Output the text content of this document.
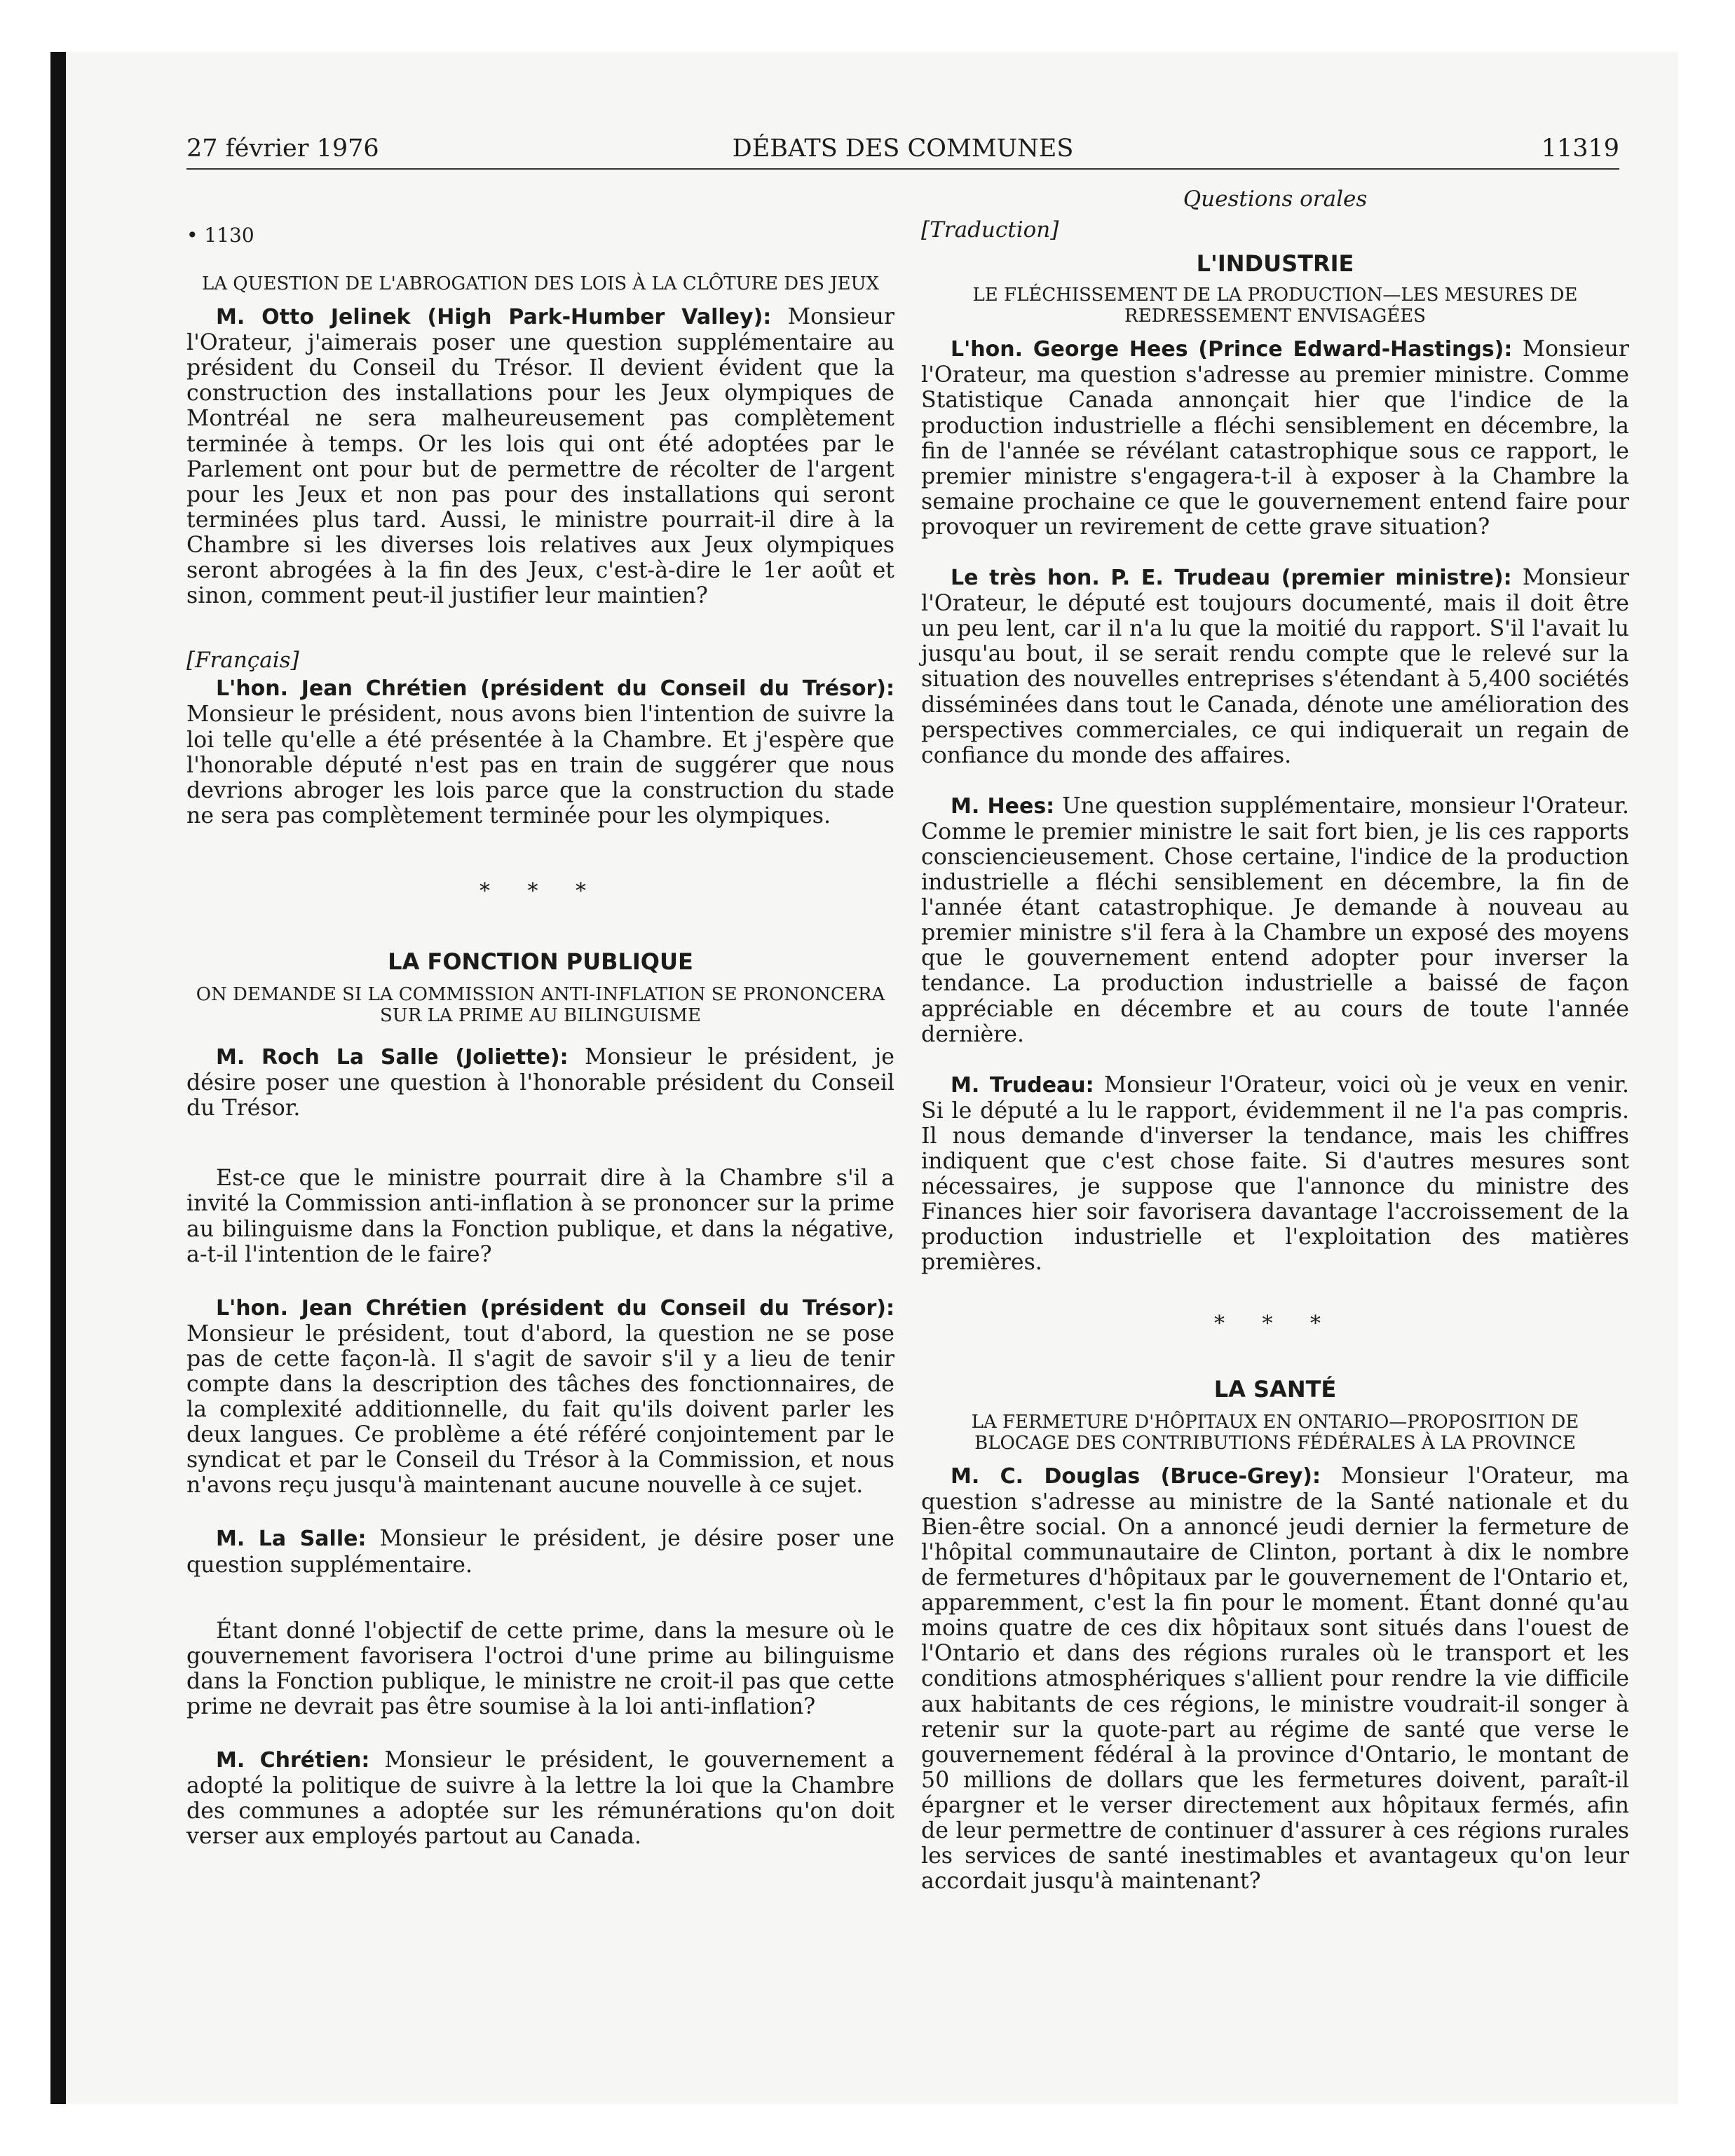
27 février 1976	DÉBATS DES COMMUNES	11319

• 1130

LA QUESTION DE L'ABROGATION DES LOIS À LA CLÔTURE DES JEUX

M. Otto Jelinek (High Park-Humber Valley): Monsieur l'Orateur, j'aimerais poser une question supplémentaire au président du Conseil du Trésor. Il devient évident que la construction des installations pour les Jeux olympiques de Montréal ne sera malheureusement pas complètement terminée à temps. Or les lois qui ont été adoptées par le Parlement ont pour but de permettre de récolter de l'argent pour les Jeux et non pas pour des installations qui seront terminées plus tard. Aussi, le ministre pourrait-il dire à la Chambre si les diverses lois relatives aux Jeux olympiques seront abrogées à la fin des Jeux, c'est-à-dire le 1er août et sinon, comment peut-il justifier leur maintien?

[Français]

L'hon. Jean Chrétien (président du Conseil du Trésor): Monsieur le président, nous avons bien l'intention de suivre la loi telle qu'elle a été présentée à la Chambre. Et j'espère que l'honorable député n'est pas en train de suggérer que nous devrions abroger les lois parce que la construction du stade ne sera pas complètement terminée pour les olympiques.

* * *

LA FONCTION PUBLIQUE

ON DEMANDE SI LA COMMISSION ANTI-INFLATION SE PRONONCERA SUR LA PRIME AU BILINGUISME

M. Roch La Salle (Joliette): Monsieur le président, je désire poser une question à l'honorable président du Conseil du Trésor.

Est-ce que le ministre pourrait dire à la Chambre s'il a invité la Commission anti-inflation à se prononcer sur la prime au bilinguisme dans la Fonction publique, et dans la négative, a-t-il l'intention de le faire?

L'hon. Jean Chrétien (président du Conseil du Trésor): Monsieur le président, tout d'abord, la question ne se pose pas de cette façon-là. Il s'agit de savoir s'il y a lieu de tenir compte dans la description des tâches des fonctionnaires, de la complexité additionnelle, du fait qu'ils doivent parler les deux langues. Ce problème a été référé conjointement par le syndicat et par le Conseil du Trésor à la Commission, et nous n'avons reçu jusqu'à maintenant aucune nouvelle à ce sujet.

M. La Salle: Monsieur le président, je désire poser une question supplémentaire.

Étant donné l'objectif de cette prime, dans la mesure où le gouvernement favorisera l'octroi d'une prime au bilinguisme dans la Fonction publique, le ministre ne croit-il pas que cette prime ne devrait pas être soumise à la loi anti-inflation?

M. Chrétien: Monsieur le président, le gouvernement a adopté la politique de suivre à la lettre la loi que la Chambre des communes a adoptée sur les rémunérations qu'on doit verser aux employés partout au Canada.

Questions orales

[Traduction]

L'INDUSTRIE

LE FLÉCHISSEMENT DE LA PRODUCTION—LES MESURES DE REDRESSEMENT ENVISAGÉES

L'hon. George Hees (Prince Edward-Hastings): Monsieur l'Orateur, ma question s'adresse au premier ministre. Comme Statistique Canada annonçait hier que l'indice de la production industrielle a fléchi sensiblement en décembre, la fin de l'année se révélant catastrophique sous ce rapport, le premier ministre s'engagera-t-il à exposer à la Chambre la semaine prochaine ce que le gouvernement entend faire pour provoquer un revirement de cette grave situation?

Le très hon. P. E. Trudeau (premier ministre): Monsieur l'Orateur, le député est toujours documenté, mais il doit être un peu lent, car il n'a lu que la moitié du rapport. S'il l'avait lu jusqu'au bout, il se serait rendu compte que le relevé sur la situation des nouvelles entreprises s'étendant à 5,400 sociétés disséminées dans tout le Canada, dénote une amélioration des perspectives commerciales, ce qui indiquerait un regain de confiance du monde des affaires.

M. Hees: Une question supplémentaire, monsieur l'Orateur. Comme le premier ministre le sait fort bien, je lis ces rapports consciencieusement. Chose certaine, l'indice de la production industrielle a fléchi sensiblement en décembre, la fin de l'année étant catastrophique. Je demande à nouveau au premier ministre s'il fera à la Chambre un exposé des moyens que le gouvernement entend adopter pour inverser la tendance. La production industrielle a baissé de façon appréciable en décembre et au cours de toute l'année dernière.

M. Trudeau: Monsieur l'Orateur, voici où je veux en venir. Si le député a lu le rapport, évidemment il ne l'a pas compris. Il nous demande d'inverser la tendance, mais les chiffres indiquent que c'est chose faite. Si d'autres mesures sont nécessaires, je suppose que l'annonce du ministre des Finances hier soir favorisera davantage l'accroissement de la production industrielle et l'exploitation des matières premières.

* * *

LA SANTÉ

LA FERMETURE D'HÔPITAUX EN ONTARIO—PROPOSITION DE BLOCAGE DES CONTRIBUTIONS FÉDÉRALES À LA PROVINCE

M. C. Douglas (Bruce-Grey): Monsieur l'Orateur, ma question s'adresse au ministre de la Santé nationale et du Bien-être social. On a annoncé jeudi dernier la fermeture de l'hôpital communautaire de Clinton, portant à dix le nombre de fermetures d'hôpitaux par le gouvernement de l'Ontario et, apparemment, c'est la fin pour le moment. Étant donné qu'au moins quatre de ces dix hôpitaux sont situés dans l'ouest de l'Ontario et dans des régions rurales où le transport et les conditions atmosphériques s'allient pour rendre la vie difficile aux habitants de ces régions, le ministre voudrait-il songer à retenir sur la quote-part au régime de santé que verse le gouvernement fédéral à la province d'Ontario, le montant de 50 millions de dollars que les fermetures doivent, paraît-il épargner et le verser directement aux hôpitaux fermés, afin de leur permettre de continuer d'assurer à ces régions rurales les services de santé inestimables et avantageux qu'on leur accordait jusqu'à maintenant?
